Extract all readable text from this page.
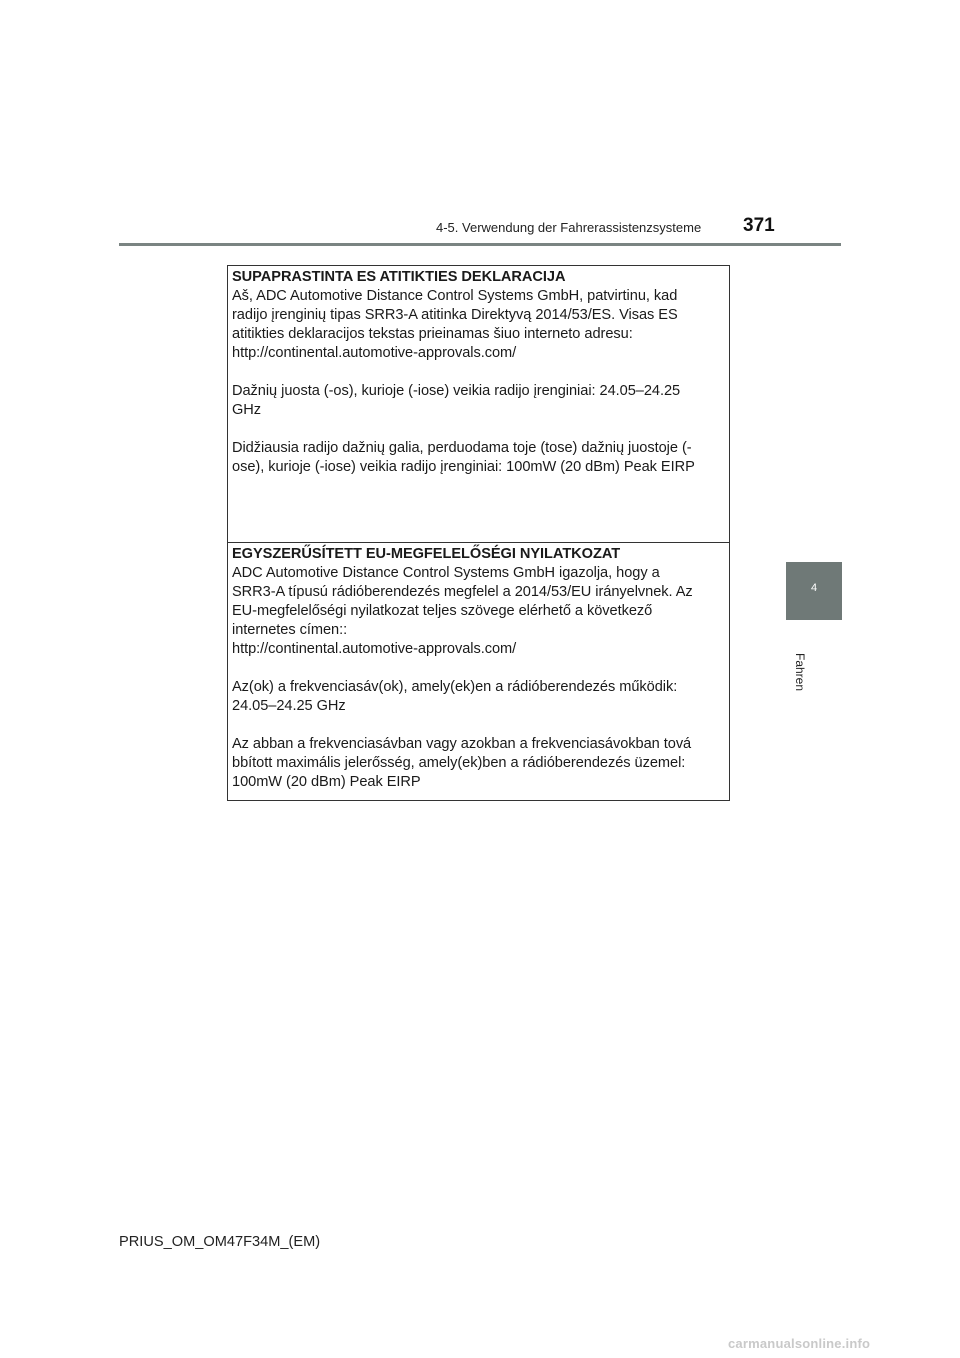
4-5. Verwendung der Fahrerassistenzsysteme 371
4
Fahren
SUPAPRASTINTA ES ATITIKTIES DEKLARACIJA
Aš, ADC Automotive Distance Control Systems GmbH, patvirtinu, kad
radijo įrenginių tipas SRR3-A atitinka Direktyvą 2014/53/ES. Visas ES
atitikties deklaracijos tekstas prieinamas šiuo interneto adresu:
http://continental.automotive-approvals.com/
Dažnių juosta (-os), kurioje (-iose) veikia radijo įrenginiai: 24.05–24.25
GHz
Didžiausia radijo dažnių galia, perduodama toje (tose) dažnių juostoje (-
ose), kurioje (-iose) veikia radijo įrenginiai: 100mW (20 dBm) Peak EIRP
EGYSZERŰSÍTETT EU-MEGFELELŐSÉGI NYILATKOZAT
ADC Automotive Distance Control Systems GmbH igazolja, hogy a
SRR3-A típusú rádióberendezés megfelel a 2014/53/EU irányelvnek. Az
EU-megfelelőségi nyilatkozat teljes szövege elérhető a következő
internetes címen::
http://continental.automotive-approvals.com/
Az(ok) a frekvenciasáv(ok), amely(ek)en a rádióberendezés működik:
24.05–24.25 GHz
Az abban a frekvenciasávban vagy azokban a frekvenciasávokban tová
bbított maximális jelerősség, amely(ek)ben a rádióberendezés üzemel:
100mW (20 dBm) Peak EIRP
PRIUS_OM_OM47F34M_(EM)
carmanualsonline.info
